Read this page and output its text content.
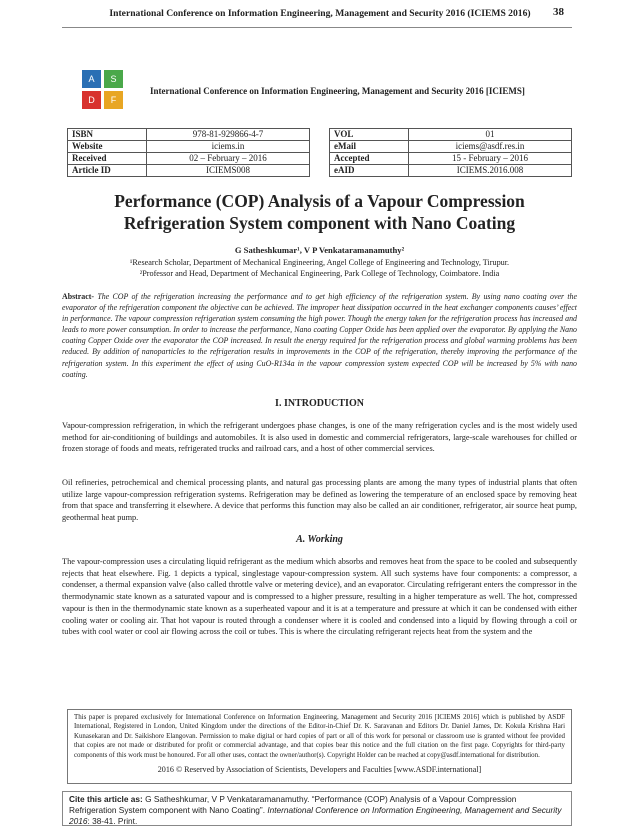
International Conference on Information Engineering, Management and Security 2016 (ICIEMS 2016)	38
A S
D F
International Conference on Information Engineering, Management and Security 2016 [ICIEMS]
ISBN	978-81-929866-4-7
Website	iciems.in
Received	02 – February – 2016
Article ID	ICIEMS008
VOL	01
eMail	iciems@asdf.res.in
Accepted	15 - February – 2016
eAID	ICIEMS.2016.008
Performance (COP) Analysis of a Vapour Compression
Refrigeration System component with Nano Coating
G Satheshkumar¹, V P Venkataramanamuthy²
¹Research Scholar, Department of Mechanical Engineering, Angel College of Engineering and Technology, Tirupur.
²Professor and Head, Department of Mechanical Engineering, Park College of Technology, Coimbatore. India
Abstract- The COP of the refrigeration increasing the performance and to get high efficiency of the refrigeration system. By using nano coating over the evaporator of the refrigeration component the objective can be achieved. The improper heat dissipation occurred in the heat exchanger components causes’ effect in performance. The vapour compression refrigeration system consuming the high power. Though the energy taken for the refrigeration process has increased and leads to more power consumption. In order to increase the performance, Nano coating Copper Oxide has been applied over the evaporator. By applying the Nano coating Copper Oxide over the evaporator the COP increased. In result the energy required for the refrigeration process and global warming problems has been reduced. By addition of nanoparticles to the refrigeration results in improvements in the COP of the refrigeration, thereby improving the performance of the refrigeration system. In this experiment the effect of using CuO-R134a in the vapour compression system expected COP will be increased by 5% with nano coating.
I. INTRODUCTION
Vapour-compression refrigeration, in which the refrigerant undergoes phase changes, is one of the many refrigeration cycles and is the most widely used method for air-conditioning of buildings and automobiles. It is also used in domestic and commercial refrigerators, large-scale warehouses for chilled or frozen storage of foods and meats, refrigerated trucks and railroad cars, and a host of other commercial services.
Oil refineries, petrochemical and chemical processing plants, and natural gas processing plants are among the many types of industrial plants that often utilize large vapour-compression refrigeration systems. Refrigeration may be defined as lowering the temperature of an enclosed space by removing heat from that space and transferring it elsewhere. A device that performs this function may also be called an air conditioner, refrigerator, air source heat pump, geothermal heat pump.
A. Working
The vapour-compression uses a circulating liquid refrigerant as the medium which absorbs and removes heat from the space to be cooled and subsequently rejects that heat elsewhere. Fig. 1 depicts a typical, singlestage vapour-compression system. All such systems have four components: a compressor, a condenser, a thermal expansion valve (also called throttle valve or metering device), and an evaporator. Circulating refrigerant enters the compressor in the thermodynamic state known as a saturated vapour and is compressed to a higher pressure, resulting in a higher temperature as well. The hot, compressed vapour is then in the thermodynamic state known as a superheated vapour and it is at a temperature and pressure at which it can be condensed with either cooling water or cooling air. That hot vapour is routed through a condenser where it is cooled and condensed into a liquid by flowing through a coil or tubes with cool water or cool air flowing across the coil or tubes. This is where the circulating refrigerant rejects heat from the system and the
This paper is prepared exclusively for International Conference on Information Engineering, Management and Security 2016 [ICIEMS 2016] which is published by ASDF International, Registered in London, United Kingdom under the directions of the Editor-in-Chief Dr. K. Saravanan and Editors Dr. Daniel James, Dr. Kokula Krishna Hari Kunasekaran and Dr. Saikishore Elangovan. Permission to make digital or hard copies of part or all of this work for personal or classroom use is granted without fee provided that copies are not made or distributed for profit or commercial advantage, and that copies bear this notice and the full citation on the first page. Copyrights for third-party components of this work must be honoured. For all other uses, contact the owner/author(s). Copyright Holder can be reached at copy@asdf.international for distribution.
2016 © Reserved by Association of Scientists, Developers and Faculties [www.ASDF.international]
Cite this article as: G Satheshkumar, V P Venkataramanamuthy. “Performance (COP) Analysis of a Vapour Compression Refrigeration System component with Nano Coating”. International Conference on Information Engineering, Management and Security 2016: 38-41. Print.
